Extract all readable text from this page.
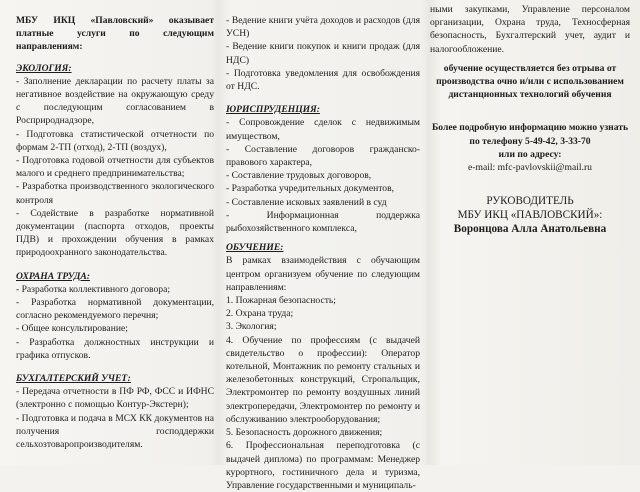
МБУ ИКЦ «Павловский» оказывает платные услуги по следующим направлениям:
ЭКОЛОГИЯ:

- Заполнение декларации по расчету платы за негативное воздействие на окружающую среду с последующим согласованием в Росприроднадзоре,

- Подготовка статистической отчетности по формам 2-ТП (отход), 2-ТП (воздух),

- Подготовка годовой отчетности для субъектов малого и среднего предпринимательства;

- Разработка производственного экологического контроля

- Содействие в разработке нормативной документации (паспорта отходов, проекты ПДВ) и прохождении обучения в рамках природоохранного законодательства.

ОХРАНА ТРУДА:

- Разработка коллективного договора;

- Разработка нормативной документации, согласно рекомендуемого перечня;

- Общее консультирование;

- Разработка должностных инструкции и графика отпусков.

БУХГАЛТЕРСКИЙ УЧЕТ:

- Передача отчетности в ПФ РФ, ФСС и ИФНС (электронно с помощью Контур-Экстерн);

- Подготовка и подача в МСХ КК документов на получения господдержки сельхозтоваропроизводителям.

- Ведение книги учёта доходов и расходов (для УСН)

- Ведение книги покупок и книги продаж (для НДС)

- Подготовка уведомления для освобождения от НДС.

ЮРИСПРУДЕНЦИЯ:

- Сопровождение сделок с недвижимым имуществом,

- Составление договоров гражданско-правового характера,

- Составление трудовых договоров,

- Разработка учредительных документов,

- Составление исковых заявлений в суд

- Информационная поддержка рыбохозяйственного комплекса,

ОБУЧЕНИЕ:

В рамках взаимодействия с обучающим центром организуем обучение по следующим направлениям:

1. Пожарная безопасность;
2. Охрана труда;
3. Экология;
4. Обучение по профессиям (с выдачей свидетельство о профессии): Оператор котельной, Монтажник по ремонту стальных и железобетонных конструкций, Стропальщик, Электромонтер по ремонту воздушных линий электропередачи, Электромонтер по ремонту и обслуживанию электрооборудования;
5. Безопасность дорожного движения;
6. Профессиональная переподготовка (с выдачей диплома) по программам: Менеджер курортного, гостиничного дела и туризма, Управление государственными и муниципаль-

ными закупками, Управление персоналом организации, Охрана труда, Техносферная безопасность, Бухгалтерский учет, аудит и налогообложение.

обучение осуществляется без отрыва от производства очно и/или с использованием дистанционных технологий обучения

Более подробную информацию можно узнать по телефону 5-49-42, 3-33-70

или по адресу:

e-mail: mfc-pavlovskii@mail.ru

РУКОВОДИТЕЛЬ

МБУ ИКЦ «ПАВЛОВСКИЙ»:

Воронцова Алла Анатольевна
